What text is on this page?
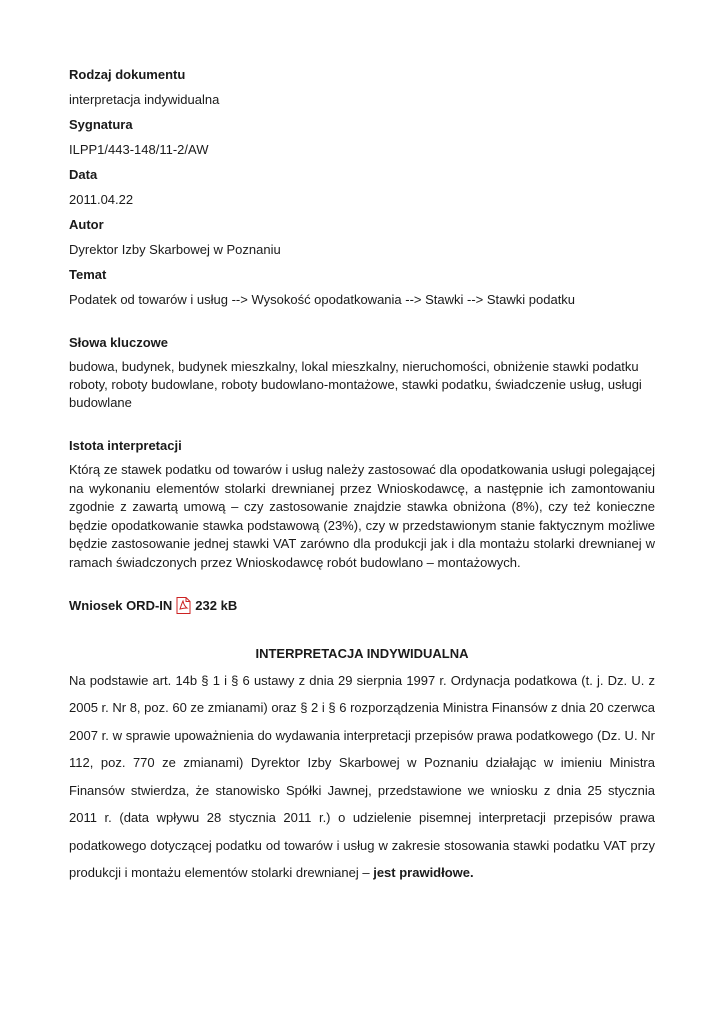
Rodzaj dokumentu

interpretacja indywidualna

Sygnatura

ILPP1/443-148/11-2/AW

Data

2011.04.22

Autor

Dyrektor Izby Skarbowej w Poznaniu

Temat

Podatek od towarów i usług --> Wysokość opodatkowania --> Stawki --> Stawki podatku

Słowa kluczowe

budowa, budynek, budynek mieszkalny, lokal mieszkalny, nieruchomości, obniżenie stawki podatku roboty, roboty budowlane, roboty budowlano-montażowe, stawki podatku, świadczenie usług, usługi budowlane

Istota interpretacji

Którą ze stawek podatku od towarów i usług należy zastosować dla opodatkowania usługi polegającej na wykonaniu elementów stolarki drewnianej przez Wnioskodawcę, a następnie ich zamontowaniu zgodnie z zawartą umową – czy zastosowanie znajdzie stawka obniżona (8%), czy też konieczne będzie opodatkowanie stawka podstawową (23%), czy w przedstawionym stanie faktycznym możliwe będzie zastosowanie jednej stawki VAT zarówno dla produkcji jak i dla montażu stolarki drewnianej w ramach świadczonych przez Wnioskodawcę robót budowlano – montażowych.

Wniosek ORD-IN 232 kB
INTERPRETACJA INDYWIDUALNA
Na podstawie art. 14b § 1 i § 6 ustawy z dnia 29 sierpnia 1997 r. Ordynacja podatkowa (t. j. Dz. U. z 2005 r. Nr 8, poz. 60 ze zmianami) oraz § 2 i § 6 rozporządzenia Ministra Finansów z dnia 20 czerwca 2007 r. w sprawie upoważnienia do wydawania interpretacji przepisów prawa podatkowego (Dz. U. Nr 112, poz. 770 ze zmianami) Dyrektor Izby Skarbowej w Poznaniu działając w imieniu Ministra Finansów stwierdza, że stanowisko Spółki Jawnej, przedstawione we wniosku z dnia 25 stycznia 2011 r. (data wpływu 28 stycznia 2011 r.) o udzielenie pisemnej interpretacji przepisów prawa podatkowego dotyczącej podatku od towarów i usług w zakresie stosowania stawki podatku VAT przy produkcji i montażu elementów stolarki drewnianej – jest prawidłowe.
